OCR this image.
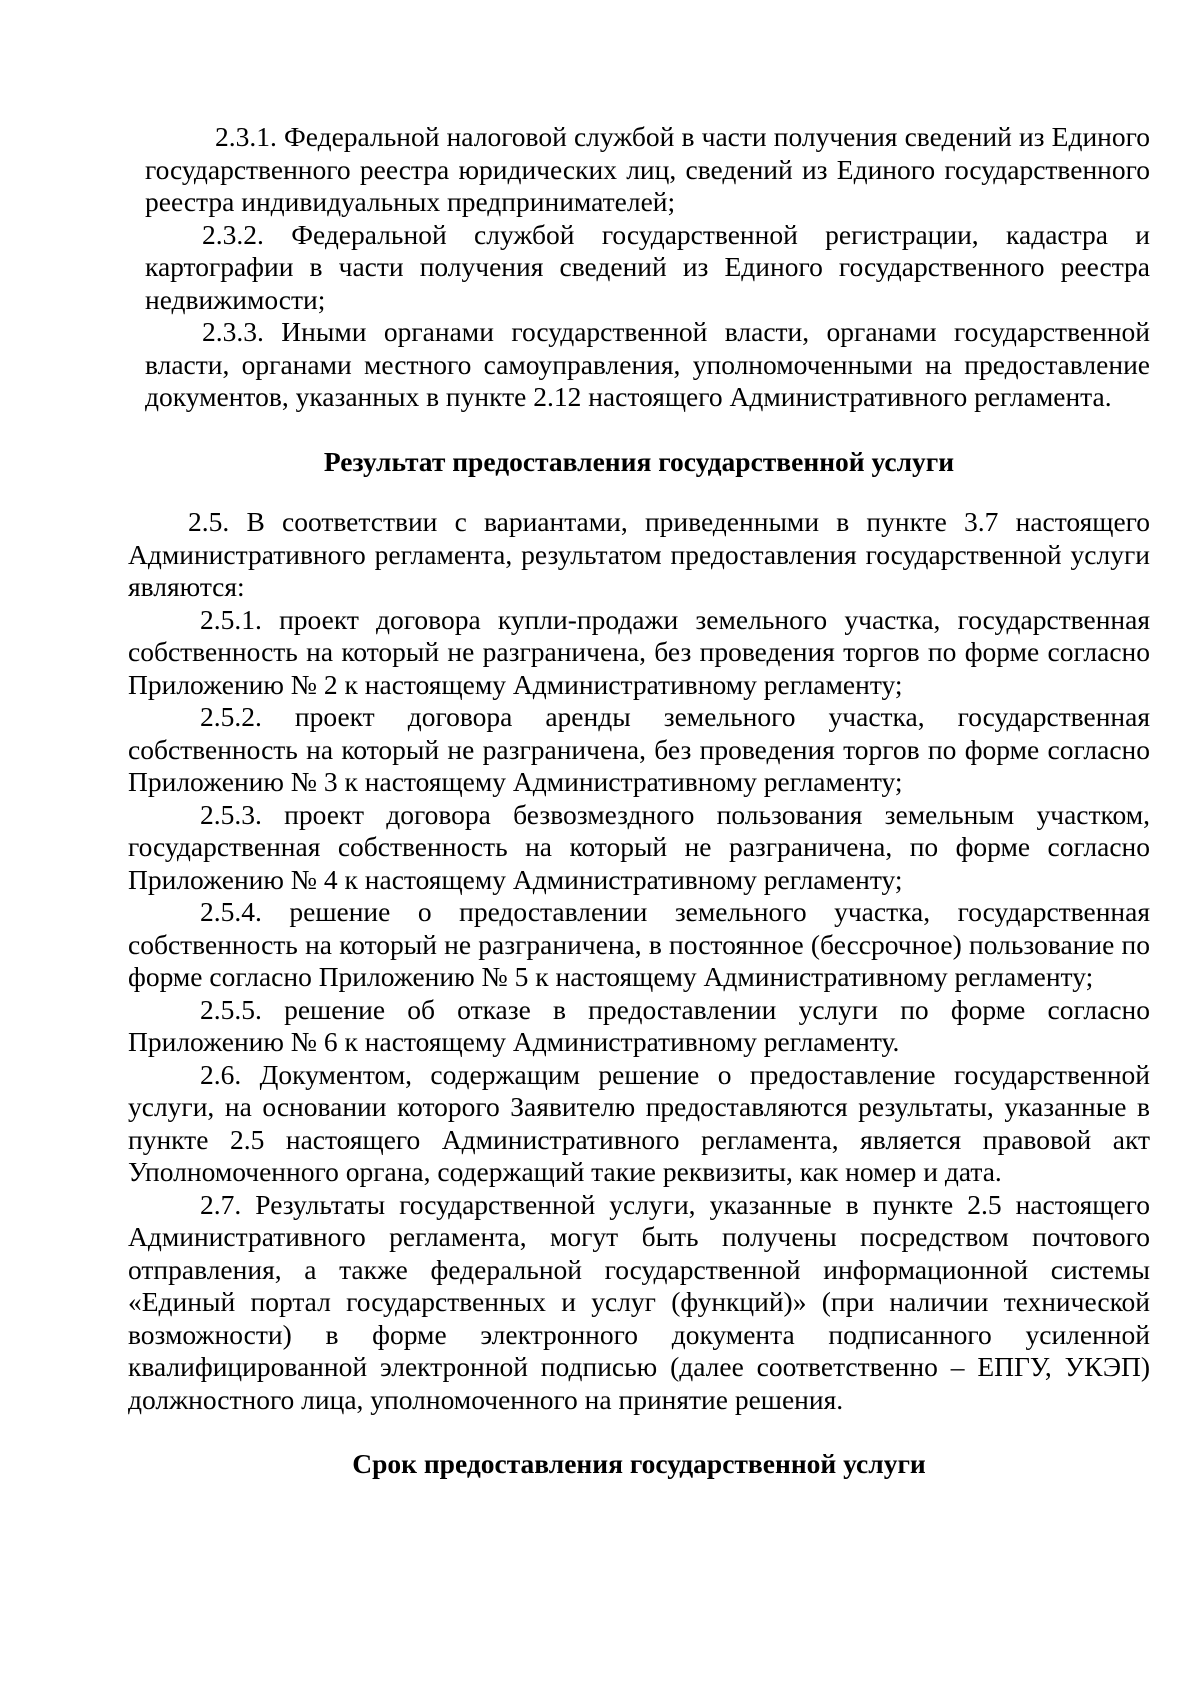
2.3.1. Федеральной налоговой службой в части получения сведений из Единого государственного реестра юридических лиц, сведений из Единого государственного реестра индивидуальных предпринимателей;

2.3.2. Федеральной службой государственной регистрации, кадастра и картографии в части получения сведений из Единого государственного реестра недвижимости;

2.3.3. Иными органами государственной власти, органами государственной власти, органами местного самоуправления, уполномоченными на предоставление документов, указанных в пункте 2.12 настоящего Административного регламента.

Результат предоставления государственной услуги

2.5. В соответствии с вариантами, приведенными в пункте 3.7 настоящего Административного регламента, результатом предоставления государственной услуги являются:

2.5.1. проект договора купли-продажи земельного участка, государственная собственность на который не разграничена, без проведения торгов по форме согласно Приложению № 2 к настоящему Административному регламенту;

2.5.2. проект договора аренды земельного участка, государственная собственность на который не разграничена, без проведения торгов по форме согласно Приложению № 3 к настоящему Административному регламенту;

2.5.3. проект договора безвозмездного пользования земельным участком, государственная собственность на который не разграничена, по форме согласно Приложению № 4 к настоящему Административному регламенту;

2.5.4. решение о предоставлении земельного участка, государственная собственность на который не разграничена, в постоянное (бессрочное) пользование по форме согласно Приложению № 5 к настоящему Административному регламенту;

2.5.5. решение об отказе в предоставлении услуги по форме согласно Приложению № 6 к настоящему Административному регламенту.

2.6. Документом, содержащим решение о предоставление государственной услуги, на основании которого Заявителю предоставляются результаты, указанные в пункте 2.5 настоящего Административного регламента, является правовой акт Уполномоченного органа, содержащий такие реквизиты, как номер и дата.

2.7. Результаты государственной услуги, указанные в пункте 2.5 настоящего Административного регламента, могут быть получены посредством почтового отправления, а также федеральной государственной информационной системы «Единый портал государственных и услуг (функций)» (при наличии технической возможности) в форме электронного документа подписанного усиленной квалифицированной электронной подписью (далее соответственно – ЕПГУ, УКЭП) должностного лица, уполномоченного на принятие решения.

Срок предоставления государственной услуги
